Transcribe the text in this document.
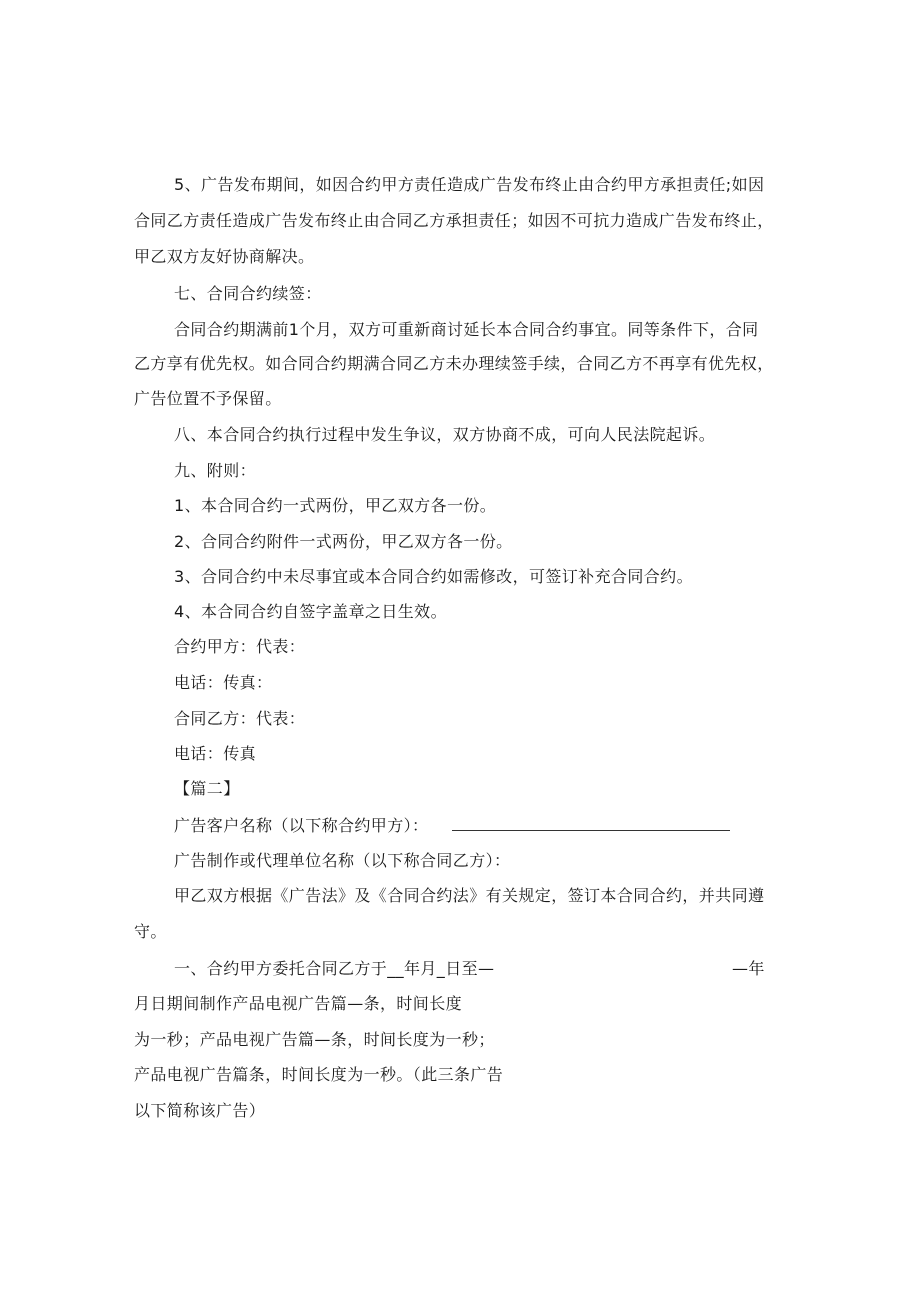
5、广告发布期间，如因合约甲方责任造成广告发布终止由合约甲方承担责任;如因
合同乙方责任造成广告发布终止由合同乙方承担责任；如因不可抗力造成广告发布终止，
甲乙双方友好协商解决。
七、合同合约续签：
合同合约期满前1个月，双方可重新商讨延长本合同合约事宜。同等条件下，合同
乙方享有优先权。如合同合约期满合同乙方未办理续签手续，合同乙方不再享有优先权，
广告位置不予保留。
八、本合同合约执行过程中发生争议，双方协商不成，可向人民法院起诉。
九、附则：
1、本合同合约一式两份，甲乙双方各一份。
2、合同合约附件一式两份，甲乙双方各一份。
3、合同合约中未尽事宜或本合同合约如需修改，可签订补充合同合约。
4、本合同合约自签字盖章之日生效。
合约甲方：代表：
电话：传真：
合同乙方：代表：
电话：传真
【篇二】
广告客户名称（以下称合约甲方）：
广告制作或代理单位名称（以下称合同乙方）：
甲乙双方根据《广告法》及《合同合约法》有关规定，签订本合同合约，并共同遵
守。
一、合约甲方委托合同乙方于__年月_日至—	—年
月日期间制作产品电视广告篇—条，时间长度
为一秒；产品电视广告篇—条，时间长度为一秒；
产品电视广告篇条，时间长度为一秒。（此三条广告
以下简称该广告）
